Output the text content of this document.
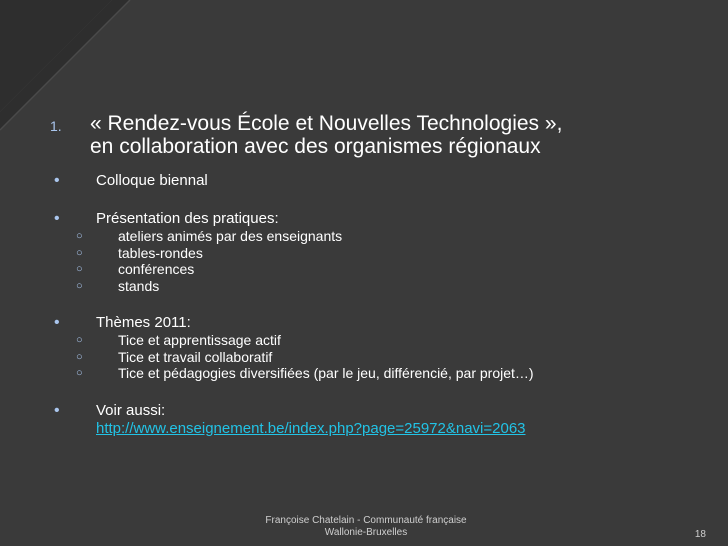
1.	« Rendez-vous École et Nouvelles Technologies »,
en collaboration avec des organismes régionaux
•	Colloque biennal
•	Présentation des pratiques:
○	ateliers animés par des enseignants
○	tables-rondes
○	conférences
○	stands
•	Thèmes 2011:
○	Tice et apprentissage actif
○	Tice et travail collaboratif
○	Tice et pédagogies diversifiées (par le jeu, différencié, par projet…)
•	Voir aussi:
http://www.enseignement.be/index.php?page=25972&navi=2063
Françoise Chatelain - Communauté française
Wallonie-Bruxelles	18
